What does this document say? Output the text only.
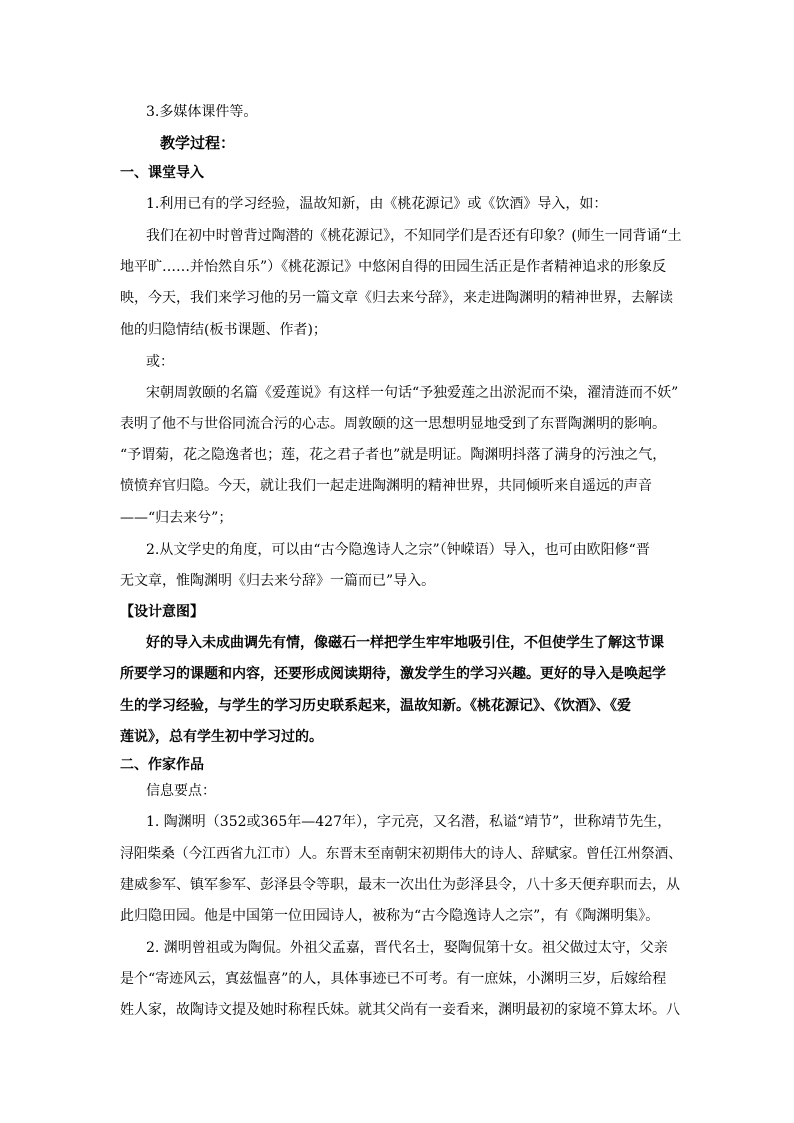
3.多媒体课件等。
教学过程：
一、课堂导入
1.利用已有的学习经验，温故知新，由《桃花源记》或《饮酒》导入，如：
我们在初中时曾背过陶潜的《桃花源记》，不知同学们是否还有印象？(师生一同背诵“土
地平旷……并怡然自乐”）《桃花源记》中悠闲自得的田园生活正是作者精神追求的形象反
映，今天，我们来学习他的另一篇文章《归去来兮辞》，来走进陶渊明的精神世界，去解读
他的归隐情结(板书课题、作者)；
或：
宋朝周敦颐的名篇《爱莲说》有这样一句话“予独爱莲之出淤泥而不染，濯清涟而不妖”
表明了他不与世俗同流合污的心志。周敦颐的这一思想明显地受到了东晋陶渊明的影响。
“予谓菊，花之隐逸者也；莲，花之君子者也”就是明证。陶渊明抖落了满身的污浊之气，
愤愤弃官归隐。今天，就让我们一起走进陶渊明的精神世界，共同倾听来自遥远的声音
——“归去来兮”；
2.从文学史的角度，可以由“古今隐逸诗人之宗”（钟嵘语）导入，也可由欧阳修“晋
无文章，惟陶渊明《归去来兮辞》一篇而已”导入。
【设计意图】
好的导入未成曲调先有情，像磁石一样把学生牢牢地吸引住，不但使学生了解这节课
所要学习的课题和内容，还要形成阅读期待，激发学生的学习兴趣。更好的导入是唤起学
生的学习经验，与学生的学习历史联系起来，温故知新。《桃花源记》、《饮酒》、《爱
莲说》，总有学生初中学习过的。
二、作家作品
信息要点：
1. 陶渊明（352或365年—427年），字元亮，又名潜，私谥“靖节”，世称靖节先生，
浔阳柴桑（今江西省九江市）人。东晋末至南朝宋初期伟大的诗人、辞赋家。曾任江州祭酒、
建威参军、镇军参军、彭泽县令等职，最末一次出仕为彭泽县令，八十多天便弃职而去，从
此归隐田园。他是中国第一位田园诗人，被称为“古今隐逸诗人之宗”，有《陶渊明集》。
2. 渊明曾祖或为陶侃。外祖父孟嘉，晋代名士，娶陶侃第十女。祖父做过太守，父亲
是个“寄迹风云，寘兹愠喜”的人，具体事迹已不可考。有一庶妹，小渊明三岁，后嫁给程
姓人家，故陶诗文提及她时称程氏妹。就其父尚有一妾看来，渊明最初的家境不算太坏。八
